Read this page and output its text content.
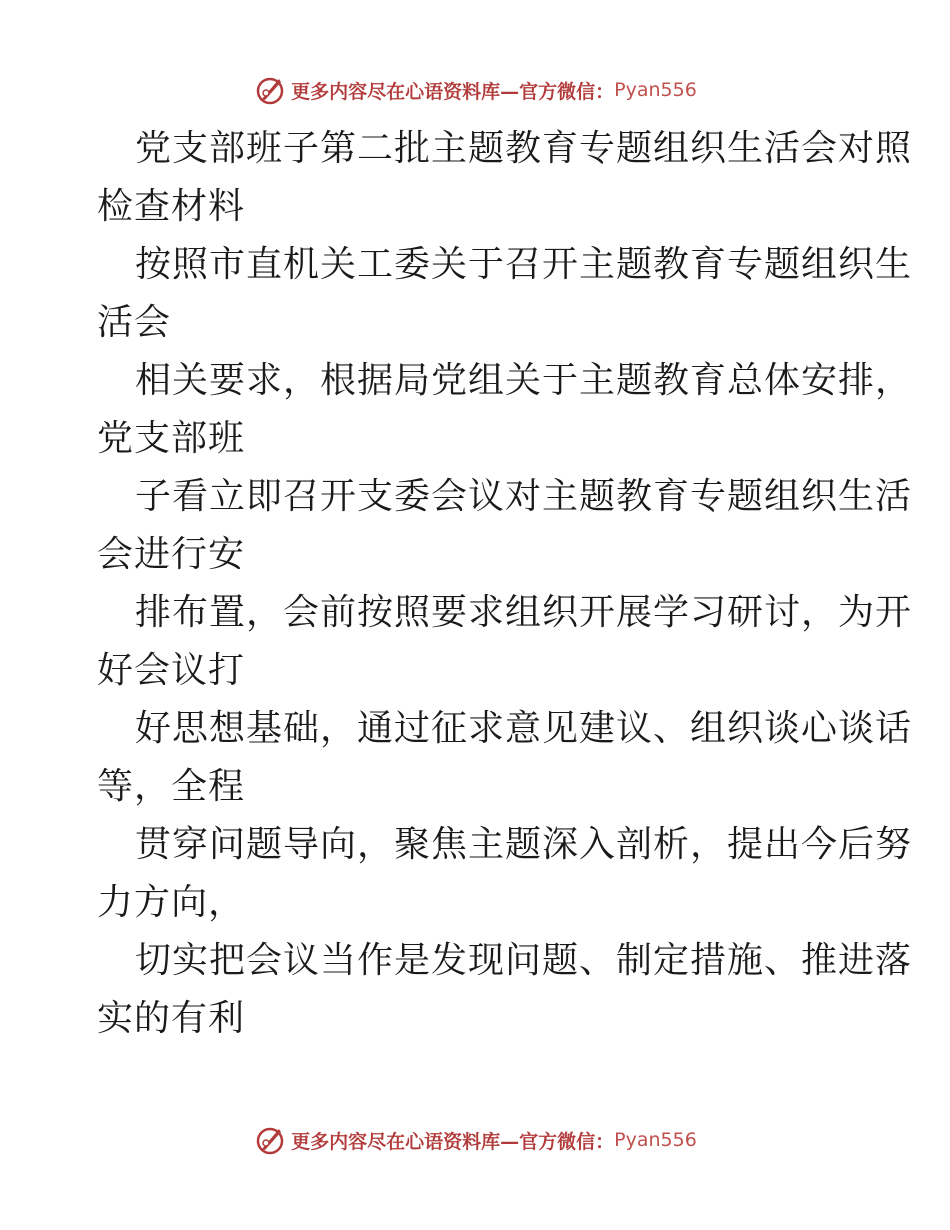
更多内容尽在心语资料库—官方微信： Pyan556

党支部班子第二批主题教育专题组织生活会对照

检查材料

按照市直机关工委关于召开主题教育专题组织生

活会

相关要求，根据局党组关于主题教育总体安排，

党支部班

子看立即召开支委会议对主题教育专题组织生活

会进行安

排布置，会前按照要求组织开展学习研讨，为开

好会议打

好思想基础，通过征求意见建议、组织谈心谈话

等，全程

贯穿问题导向，聚焦主题深入剖析，提出今后努

力方向，

切实把会议当作是发现问题、制定措施、推进落

实的有利

更多内容尽在心语资料库—官方微信： Pyan556
